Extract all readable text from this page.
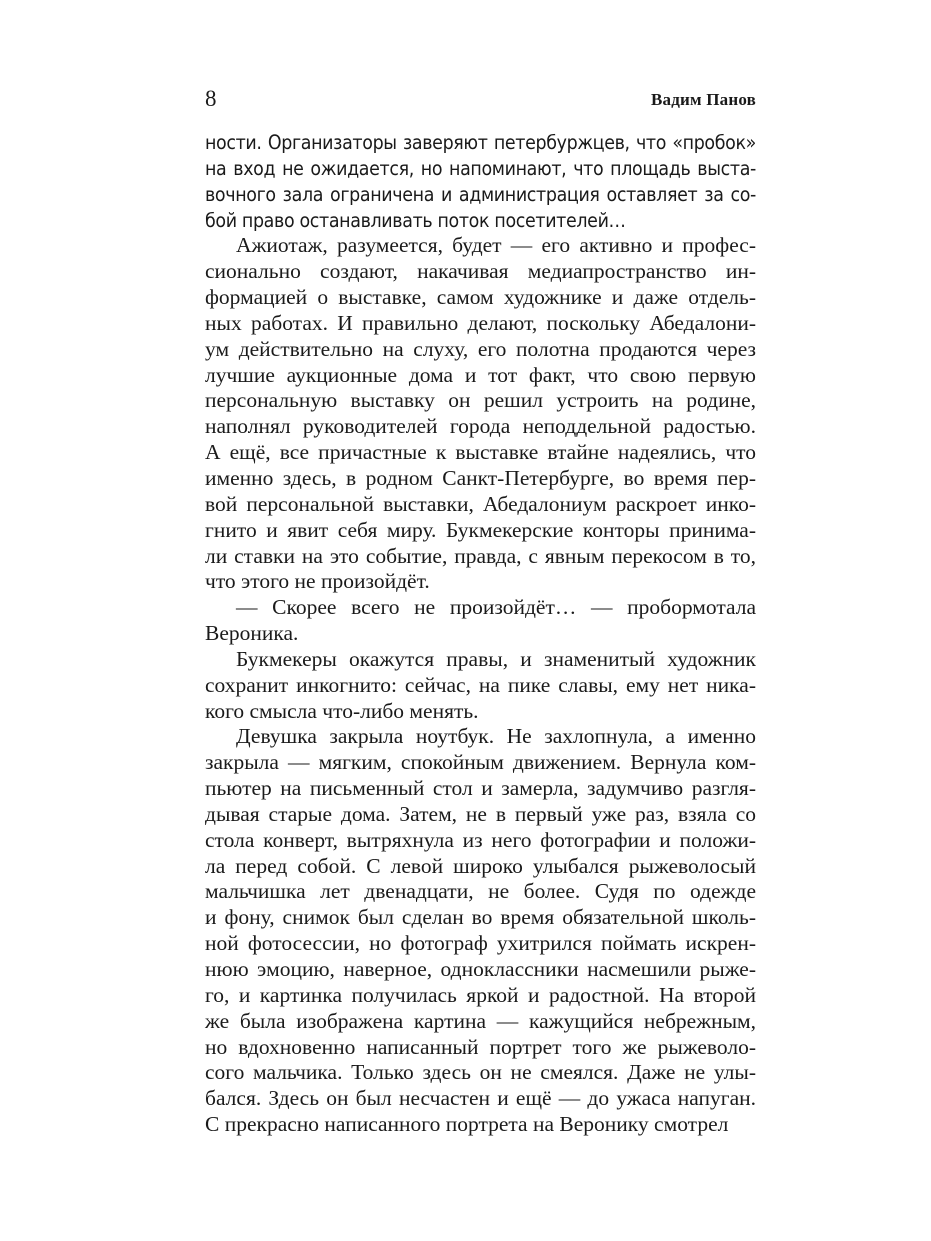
8	Вадим Панов
ности. Организаторы заверяют петербуржцев, что «пробок»
на вход не ожидается, но напоминают, что площадь выста-
вочного зала ограничена и администрация оставляет за со-
бой право останавливать поток посетителей…
Ажиотаж, разумеется, будет — его активно и профес-
сионально создают, накачивая медиапространство ин-
формацией о выставке, самом художнике и даже отдель-
ных работах. И правильно делают, поскольку Абедалони-
ум действительно на слуху, его полотна продаются через
лучшие аукционные дома и тот факт, что свою первую
персональную выставку он решил устроить на родине,
наполнял руководителей города неподдельной радостью.
А ещё, все причастные к выставке втайне надеялись, что
именно здесь, в родном Санкт-Петербурге, во время пер-
вой персональной выставки, Абедалониум раскроет инко-
гнито и явит себя миру. Букмекерские конторы принима-
ли ставки на это событие, правда, с явным перекосом в то,
что этого не произойдёт.
— Скорее всего не произойдёт… — пробормотала
Вероника.
Букмекеры окажутся правы, и знаменитый художник
сохранит инкогнито: сейчас, на пике славы, ему нет ника-
кого смысла что-либо менять.
Девушка закрыла ноутбук. Не захлопнула, а именно
закрыла — мягким, спокойным движением. Вернула ком-
пьютер на письменный стол и замерла, задумчиво разгля-
дывая старые дома. Затем, не в первый уже раз, взяла со
стола конверт, вытряхнула из него фотографии и положи-
ла перед собой. С левой широко улыбался рыжеволосый
мальчишка лет двенадцати, не более. Судя по одежде
и фону, снимок был сделан во время обязательной школь-
ной фотосессии, но фотограф ухитрился поймать искрен-
нюю эмоцию, наверное, одноклассники насмешили рыже-
го, и картинка получилась яркой и радостной. На второй
же была изображена картина — кажущийся небрежным,
но вдохновенно написанный портрет того же рыжеволо-
сого мальчика. Только здесь он не смеялся. Даже не улы-
бался. Здесь он был несчастен и ещё — до ужаса напуган.
С прекрасно написанного портрета на Веронику смотрел
